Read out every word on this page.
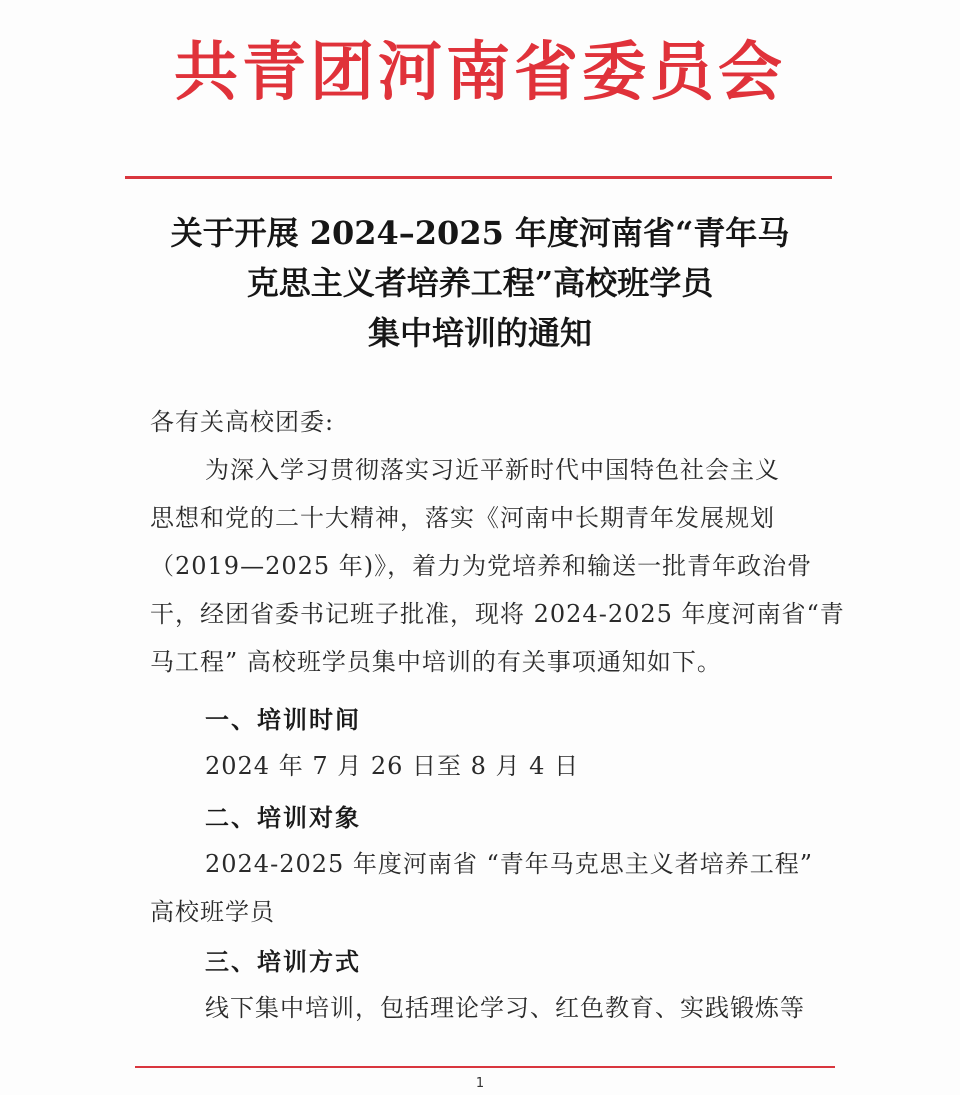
共青团河南省委员会
关于开展 2024–2025 年度河南省“青年马
克思主义者培养工程”高校班学员
集中培训的通知
各有关高校团委:
为深入学习贯彻落实习近平新时代中国特色社会主义
思想和党的二十大精神，落实《河南中长期青年发展规划
（2019—2025 年)》，着力为党培养和输送一批青年政治骨
干，经团省委书记班子批准，现将 2024-2025 年度河南省“青
马工程” 高校班学员集中培训的有关事项通知如下。
一、培训时间
2024 年 7 月 26 日至 8 月 4 日
二、培训对象
2024-2025 年度河南省 “青年马克思主义者培养工程”
高校班学员
三、培训方式
线下集中培训，包括理论学习、红色教育、实践锻炼等
1
